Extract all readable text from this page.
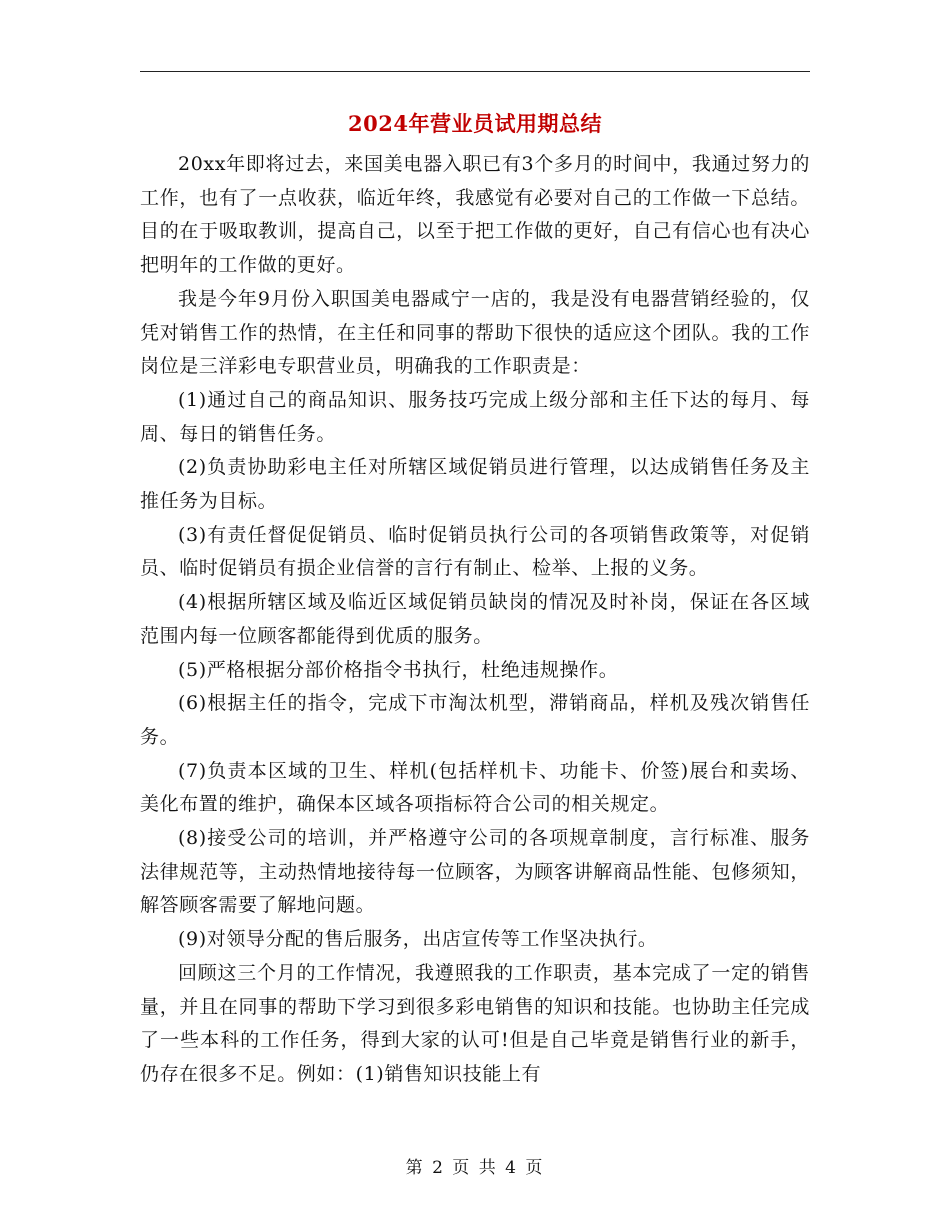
2024年营业员试用期总结

20xx年即将过去，来国美电器入职已有3个多月的时间中，我通过努力的工作，也有了一点收获，临近年终，我感觉有必要对自己的工作做一下总结。目的在于吸取教训，提高自己，以至于把工作做的更好，自己有信心也有决心把明年的工作做的更好。

我是今年9月份入职国美电器咸宁一店的，我是没有电器营销经验的，仅凭对销售工作的热情，在主任和同事的帮助下很快的适应这个团队。我的工作岗位是三洋彩电专职营业员，明确我的工作职责是：

(1)通过自己的商品知识、服务技巧完成上级分部和主任下达的每月、每周、每日的销售任务。

(2)负责协助彩电主任对所辖区域促销员进行管理，以达成销售任务及主推任务为目标。

(3)有责任督促促销员、临时促销员执行公司的各项销售政策等，对促销员、临时促销员有损企业信誉的言行有制止、检举、上报的义务。

(4)根据所辖区域及临近区域促销员缺岗的情况及时补岗，保证在各区域范围内每一位顾客都能得到优质的服务。

(5)严格根据分部价格指令书执行，杜绝违规操作。

(6)根据主任的指令，完成下市淘汰机型，滞销商品，样机及残次销售任务。

(7)负责本区域的卫生、样机(包括样机卡、功能卡、价签)展台和卖场、美化布置的维护，确保本区域各项指标符合公司的相关规定。

(8)接受公司的培训，并严格遵守公司的各项规章制度，言行标准、服务法律规范等，主动热情地接待每一位顾客，为顾客讲解商品性能、包修须知，解答顾客需要了解地问题。

(9)对领导分配的售后服务，出店宣传等工作坚决执行。

回顾这三个月的工作情况，我遵照我的工作职责，基本完成了一定的销售量，并且在同事的帮助下学习到很多彩电销售的知识和技能。也协助主任完成了一些本科的工作任务，得到大家的认可!但是自己毕竟是销售行业的新手，仍存在很多不足。例如：(1)销售知识技能上有

第 2 页 共 4 页
